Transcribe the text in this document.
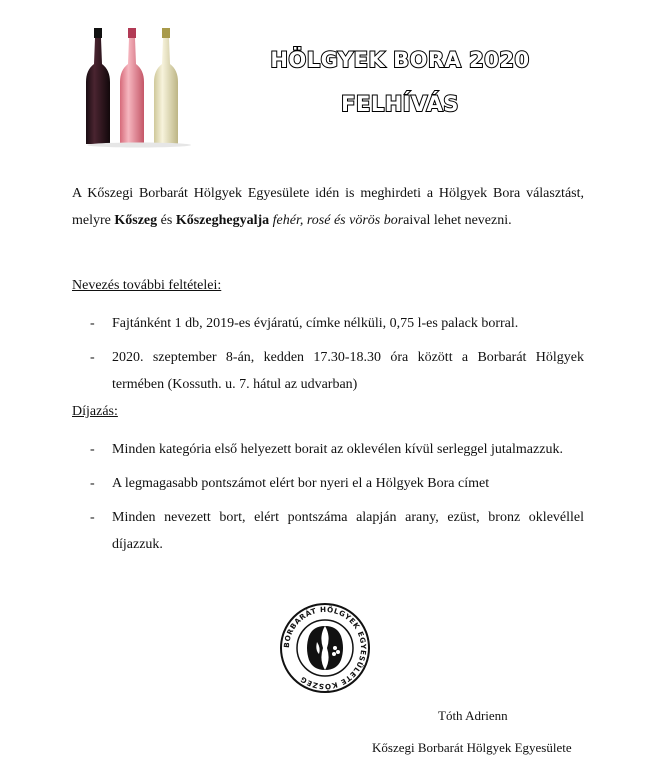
HÖLGYEK BORA 2020
FELHÍVÁS
A Kőszegi Borbarát Hölgyek Egyesülete idén is meghirdeti a Hölgyek Bora választást, melyre Kőszeg és Kőszeghegyalja fehér, rosé és vörös boraival lehet nevezni.
Nevezés további feltételei:
- Fajtánként 1 db, 2019-es évjáratú, címke nélküli, 0,75 l-es palack borral.
- 2020. szeptember 8-án, kedden 17.30-18.30 óra között a Borbarát Hölgyek termében (Kossuth. u. 7. hátul az udvarban)
Díjazás:
- Minden kategória első helyezett borait az oklevélen kívül serleggel jutalmazzuk.
- A legmagasabb pontszámot elért bor nyeri el a Hölgyek Bora címet
- Minden nevezett bort, elért pontszáma alapján arany, ezüst, bronz oklevéllel díjazzuk.
BORBARÁT HÖLGYEK EGYESÜLETE KŐSZEG
Tóth Adrienn
Kőszegi Borbarát Hölgyek Egyesülete
